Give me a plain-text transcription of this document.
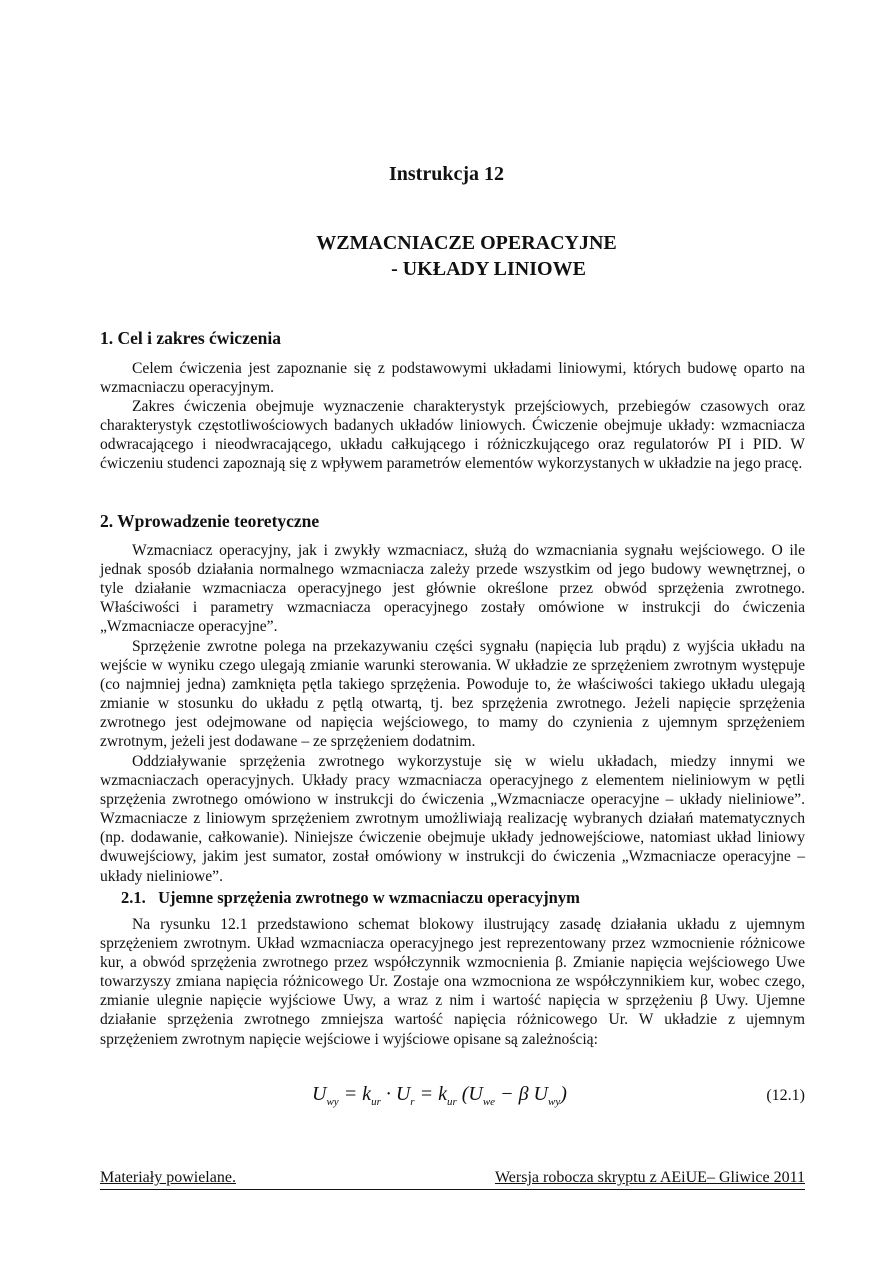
Instrukcja 12
WZMACNIACZE OPERACYJNE
- UKŁADY LINIOWE
1. Cel i zakres ćwiczenia

Celem ćwiczenia jest zapoznanie się z podstawowymi układami liniowymi, których budowę oparto na wzmacniaczu operacyjnym.

Zakres ćwiczenia obejmuje wyznaczenie charakterystyk przejściowych, przebiegów czasowych oraz charakterystyk częstotliwościowych badanych układów liniowych. Ćwiczenie obejmuje układy: wzmacniacza odwracającego i nieodwracającego, układu całkującego i różniczkującego oraz regulatorów PI i PID. W ćwiczeniu studenci zapoznają się z wpływem parametrów elementów wykorzystanych w układzie na jego pracę.

2. Wprowadzenie teoretyczne

Wzmacniacz operacyjny, jak i zwykły wzmacniacz, służą do wzmacniania sygnału wejściowego. O ile jednak sposób działania normalnego wzmacniacza zależy przede wszystkim od jego budowy wewnętrznej, o tyle działanie wzmacniacza operacyjnego jest głównie określone przez obwód sprzężenia zwrotnego. Właściwości i parametry wzmacniacza operacyjnego zostały omówione w instrukcji do ćwiczenia „Wzmacniacze operacyjne”.

Sprzężenie zwrotne polega na przekazywaniu części sygnału (napięcia lub prądu) z wyjścia układu na wejście w wyniku czego ulegają zmianie warunki sterowania. W układzie ze sprzężeniem zwrotnym występuje (co najmniej jedna) zamknięta pętla takiego sprzężenia. Powoduje to, że właściwości takiego układu ulegają zmianie w stosunku do układu z pętlą otwartą, tj. bez sprzężenia zwrotnego. Jeżeli napięcie sprzężenia zwrotnego jest odejmowane od napięcia wejściowego, to mamy do czynienia z ujemnym sprzężeniem zwrotnym, jeżeli jest dodawane – ze sprzężeniem dodatnim.

Oddziaływanie sprzężenia zwrotnego wykorzystuje się w wielu układach, miedzy innymi we wzmacniaczach operacyjnych. Układy pracy wzmacniacza operacyjnego z elementem nieliniowym w pętli sprzężenia zwrotnego omówiono w instrukcji do ćwiczenia „Wzmacniacze operacyjne – układy nieliniowe”. Wzmacniacze z liniowym sprzężeniem zwrotnym umożliwiają realizację wybranych działań matematycznych (np. dodawanie, całkowanie). Niniejsze ćwiczenie obejmuje układy jednowejściowe, natomiast układ liniowy dwuwejściowy, jakim jest sumator, został omówiony w instrukcji do ćwiczenia „Wzmacniacze operacyjne – układy nieliniowe”.

2.1.   Ujemne sprzężenia zwrotnego w wzmacniaczu operacyjnym

Na rysunku 12.1 przedstawiono schemat blokowy ilustrujący zasadę działania układu z ujemnym sprzężeniem zwrotnym. Układ wzmacniacza operacyjnego jest reprezentowany przez wzmocnienie różnicowe kur, a obwód sprzężenia zwrotnego przez współczynnik wzmocnienia β. Zmianie napięcia wejściowego Uwe towarzyszy zmiana napięcia różnicowego Ur. Zostaje ona wzmocniona ze współczynnikiem kur, wobec czego, zmianie ulegnie napięcie wyjściowe Uwy, a wraz z nim i wartość napięcia w sprzężeniu β Uwy. Ujemne działanie sprzężenia zwrotnego zmniejsza wartość napięcia różnicowego Ur. W układzie z ujemnym sprzężeniem zwrotnym napięcie wejściowe i wyjściowe opisane są zależnością:

$U_{wy} = k_{ur} \cdot U_r = k_{ur}$ ($U_{we} - \beta$ $U_{wy}$)	(12.1)
Materiały powielane.	Wersja robocza skryptu z AEiUE– Gliwice 2011
